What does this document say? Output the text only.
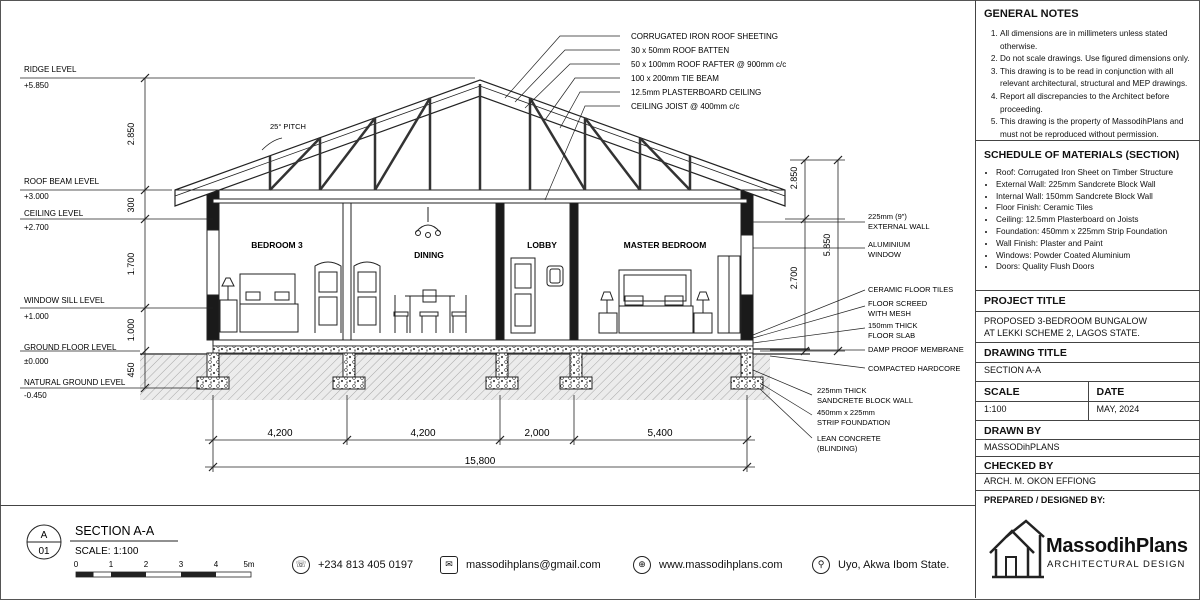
BEDROOM 3
DINING
LOBBY	MASTER BEDROOM
25° PITCH
RIDGE LEVEL
+5.850
ROOF BEAM LEVEL
+3.000
CEILING LEVEL
+2.700
WINDOW SILL LEVEL
+1.000
GROUND FLOOR LEVEL
±0.000
NATURAL GROUND LEVEL
-0.450
2.850
300
1.700
1.000
450
2.850
5.850
2.700
CORRUGATED IRON ROOF SHEETING
30 x 50mm ROOF BATTEN
50 x 100mm ROOF RAFTER @ 900mm c/c
100 x 200mm TIE BEAM
12.5mm PLASTERBOARD CEILING
CEILING JOIST @ 400mm c/c
225mm (9")
EXTERNAL WALL
ALUMINIUM
WINDOW
CERAMIC FLOOR TILES
FLOOR SCREED
WITH MESH
150mm THICK
FLOOR SLAB
DAMP PROOF MEMBRANE
COMPACTED HARDCORE
225mm THICK
SANDCRETE BLOCK WALL
450mm x 225mm
STRIP FOUNDATION
LEAN CONCRETE
(BLINDING)
4,200	4,200	2,000	5,400
15,800
A
01
SECTION A-A
SCALE: 1:100
0	1	2	3	4	5m	☏	+234 813 405 0197	✉	massodihplans@gmail.com	⊕	www.massodihplans.com	⚲	Uyo, Akwa Ibom State.
GENERAL NOTES
1. All dimensions are in millimeters unless stated otherwise.
2. Do not scale drawings. Use figured dimensions only.
3. This drawing is to be read in conjunction with all relevant architectural, structural and MEP drawings.
4. Report all discrepancies to the Architect before proceeding.
5. This drawing is the property of MassodihPlans and must not be reproduced without permission.
SCHEDULE OF MATERIALS (SECTION)
• Roof: Corrugated Iron Sheet on Timber Structure
• External Wall: 225mm Sandcrete Block Wall
• Internal Wall: 150mm Sandcrete Block Wall
• Floor Finish: Ceramic Tiles
• Ceiling: 12.5mm Plasterboard on Joists
• Foundation: 450mm x 225mm Strip Foundation
• Wall Finish: Plaster and Paint
• Windows: Powder Coated Aluminium
• Doors: Quality Flush Doors
PROJECT TITLE
PROPOSED 3-BEDROOM BUNGALOW
AT LEKKI SCHEME 2, LAGOS STATE.
DRAWING TITLE
SECTION A-A
SCALE	DATE
1:100	MAY, 2024
DRAWN BY
MASSODihPLANS
CHECKED BY
ARCH. M. OKON EFFIONG
PREPARED / DESIGNED BY:
MassodihPlans
ARCHITECTURAL DESIGN
